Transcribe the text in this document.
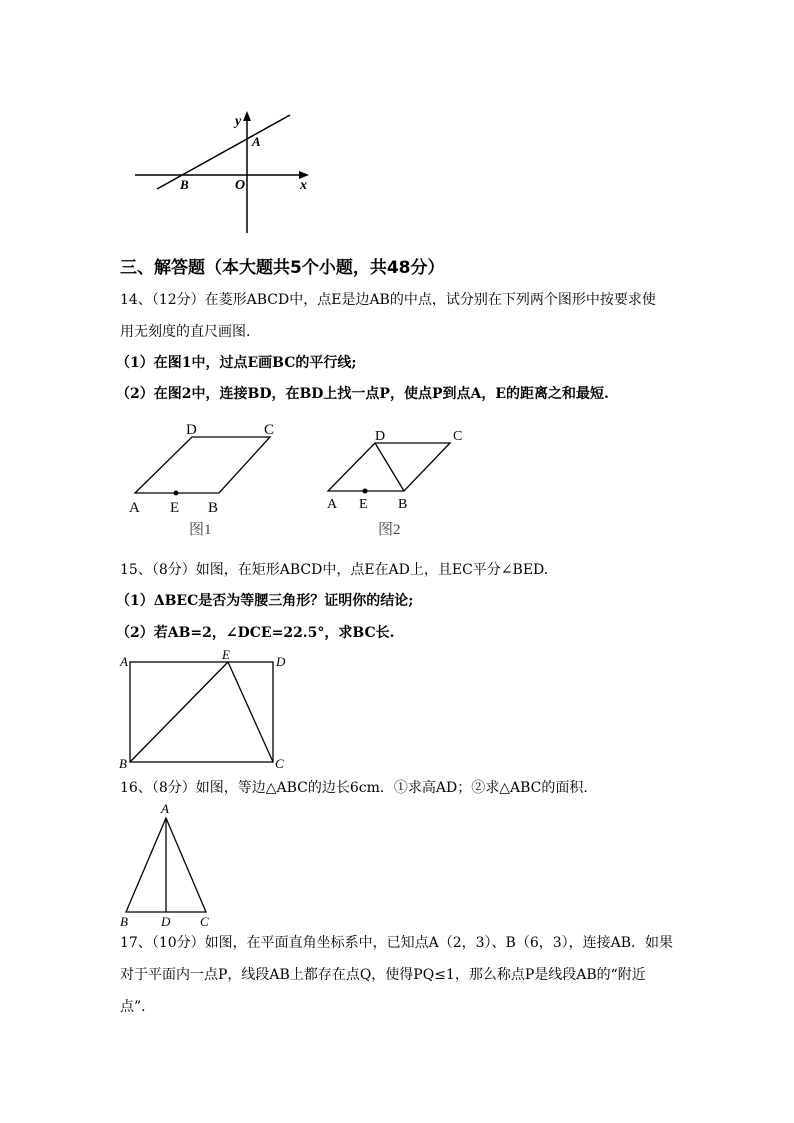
y
A
B	O	x
三、解答题（本大题共5个小题，共48分）
14、（12分）在菱形ABCD中，点E是边AB的中点，试分别在下列两个图形中按要求使
用无刻度的直尺画图.
（1）在图1中，过点E画BC的平行线;
（2）在图2中，连接BD，在BD上找一点P，使点P到点A，E的距离之和最短.
A E B
D	C
图1
A E B
D	C
图2
15、（8分）如图，在矩形ABCD中，点E在AD上，且EC平分∠BED.
（1）ΔBEC是否为等腰三角形？证明你的结论;
（2）若AB=2，∠DCE=22.5°，求BC长.
A	E	D
B	C
16、（8分）如图，等边△ABC的边长6cm．①求高AD；②求△ABC的面积.
A
B	D C
17、（10分）如图，在平面直角坐标系中，已知点A（2，3）、B（6，3），连接AB．如果
对于平面内一点P，线段AB上都存在点Q，使得PQ≤1，那么称点P是线段AB的“附近
点”.
